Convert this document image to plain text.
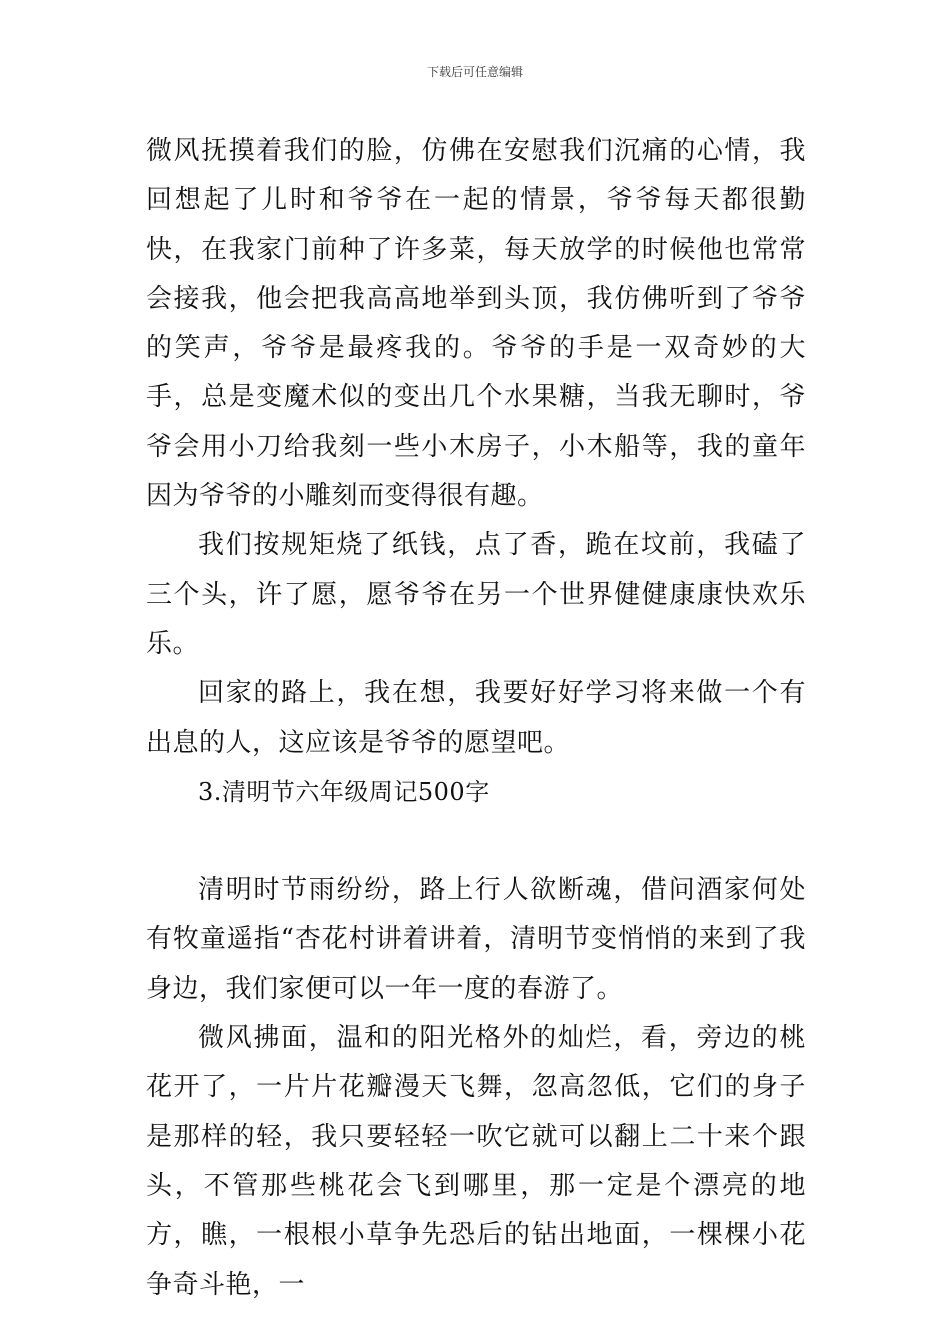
下载后可任意编辑

微风抚摸着我们的脸，仿佛在安慰我们沉痛的心情，我回想起了儿时和爷爷在一起的情景，爷爷每天都很勤快，在我家门前种了许多菜，每天放学的时候他也常常会接我，他会把我高高地举到头顶，我仿佛听到了爷爷的笑声，爷爷是最疼我的。爷爷的手是一双奇妙的大手，总是变魔术似的变出几个水果糖，当我无聊时，爷爷会用小刀给我刻一些小木房子，小木船等，我的童年因为爷爷的小雕刻而变得很有趣。

我们按规矩烧了纸钱，点了香，跪在坟前，我磕了三个头，许了愿，愿爷爷在另一个世界健健康康快欢乐乐。

回家的路上，我在想，我要好好学习将来做一个有出息的人，这应该是爷爷的愿望吧。

3.清明节六年级周记500字

清明时节雨纷纷，路上行人欲断魂，借问酒家何处有牧童遥指“杏花村讲着讲着，清明节变悄悄的来到了我身边，我们家便可以一年一度的春游了。

微风拂面，温和的阳光格外的灿烂，看，旁边的桃花开了，一片片花瓣漫天飞舞，忽高忽低，它们的身子是那样的轻，我只要轻轻一吹它就可以翻上二十来个跟头，不管那些桃花会飞到哪里，那一定是个漂亮的地方，瞧，一根根小草争先恐后的钻出地面，一棵棵小花争奇斗艳，一
